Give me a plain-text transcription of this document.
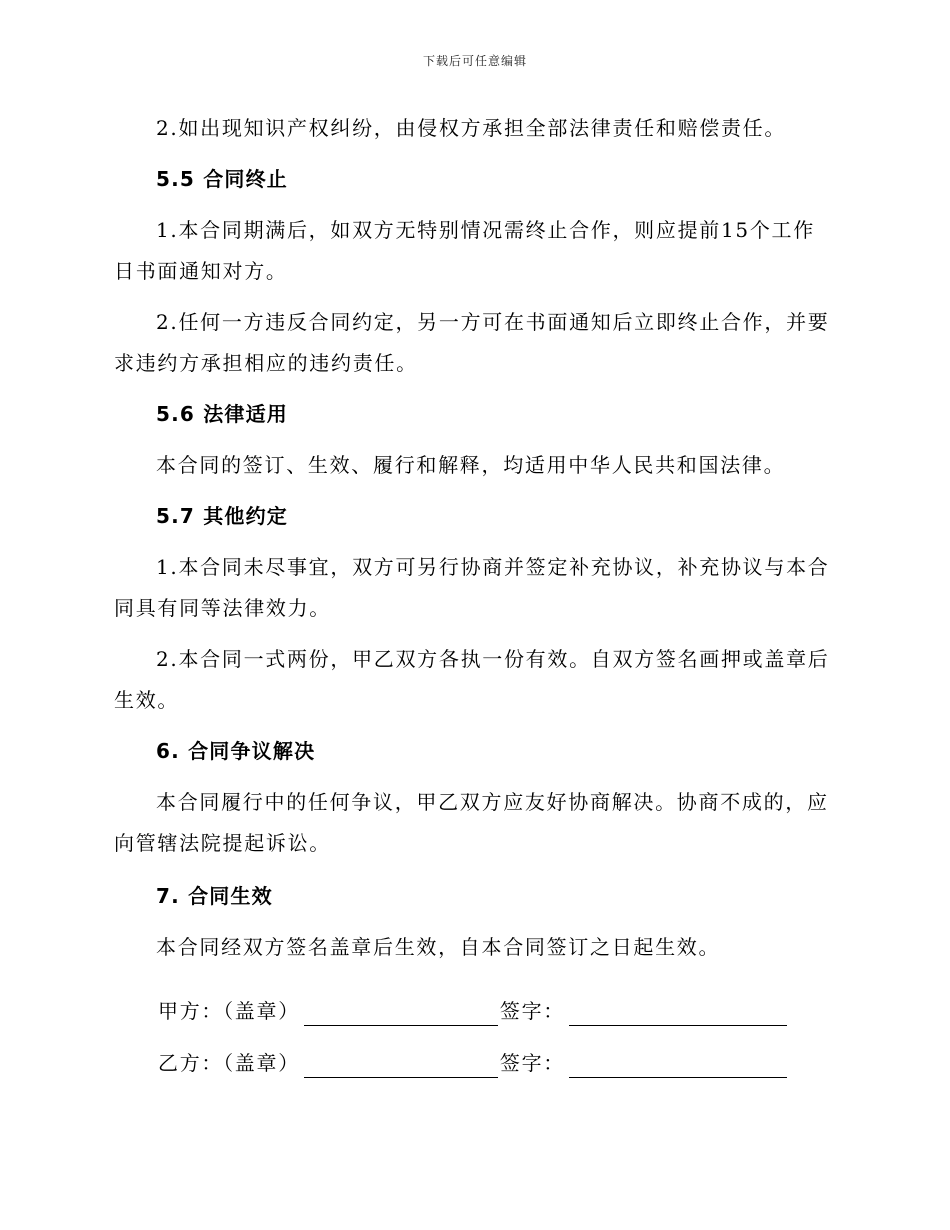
下载后可任意编辑

2.如出现知识产权纠纷，由侵权方承担全部法律责任和赔偿责任。

5.5 合同终止

1.本合同期满后，如双方无特别情况需终止合作，则应提前15个工作日书面通知对方。

2.任何一方违反合同约定，另一方可在书面通知后立即终止合作，并要求违约方承担相应的违约责任。

5.6 法律适用

本合同的签订、生效、履行和解释，均适用中华人民共和国法律。

5.7 其他约定

1.本合同未尽事宜，双方可另行协商并签定补充协议，补充协议与本合同具有同等法律效力。

2.本合同一式两份，甲乙双方各执一份有效。自双方签名画押或盖章后生效。

6. 合同争议解决

本合同履行中的任何争议，甲乙双方应友好协商解决。协商不成的，应向管辖法院提起诉讼。

7. 合同生效

本合同经双方签名盖章后生效，自本合同签订之日起生效。

甲方：（盖章）	签字：
乙方：（盖章）	签字：
